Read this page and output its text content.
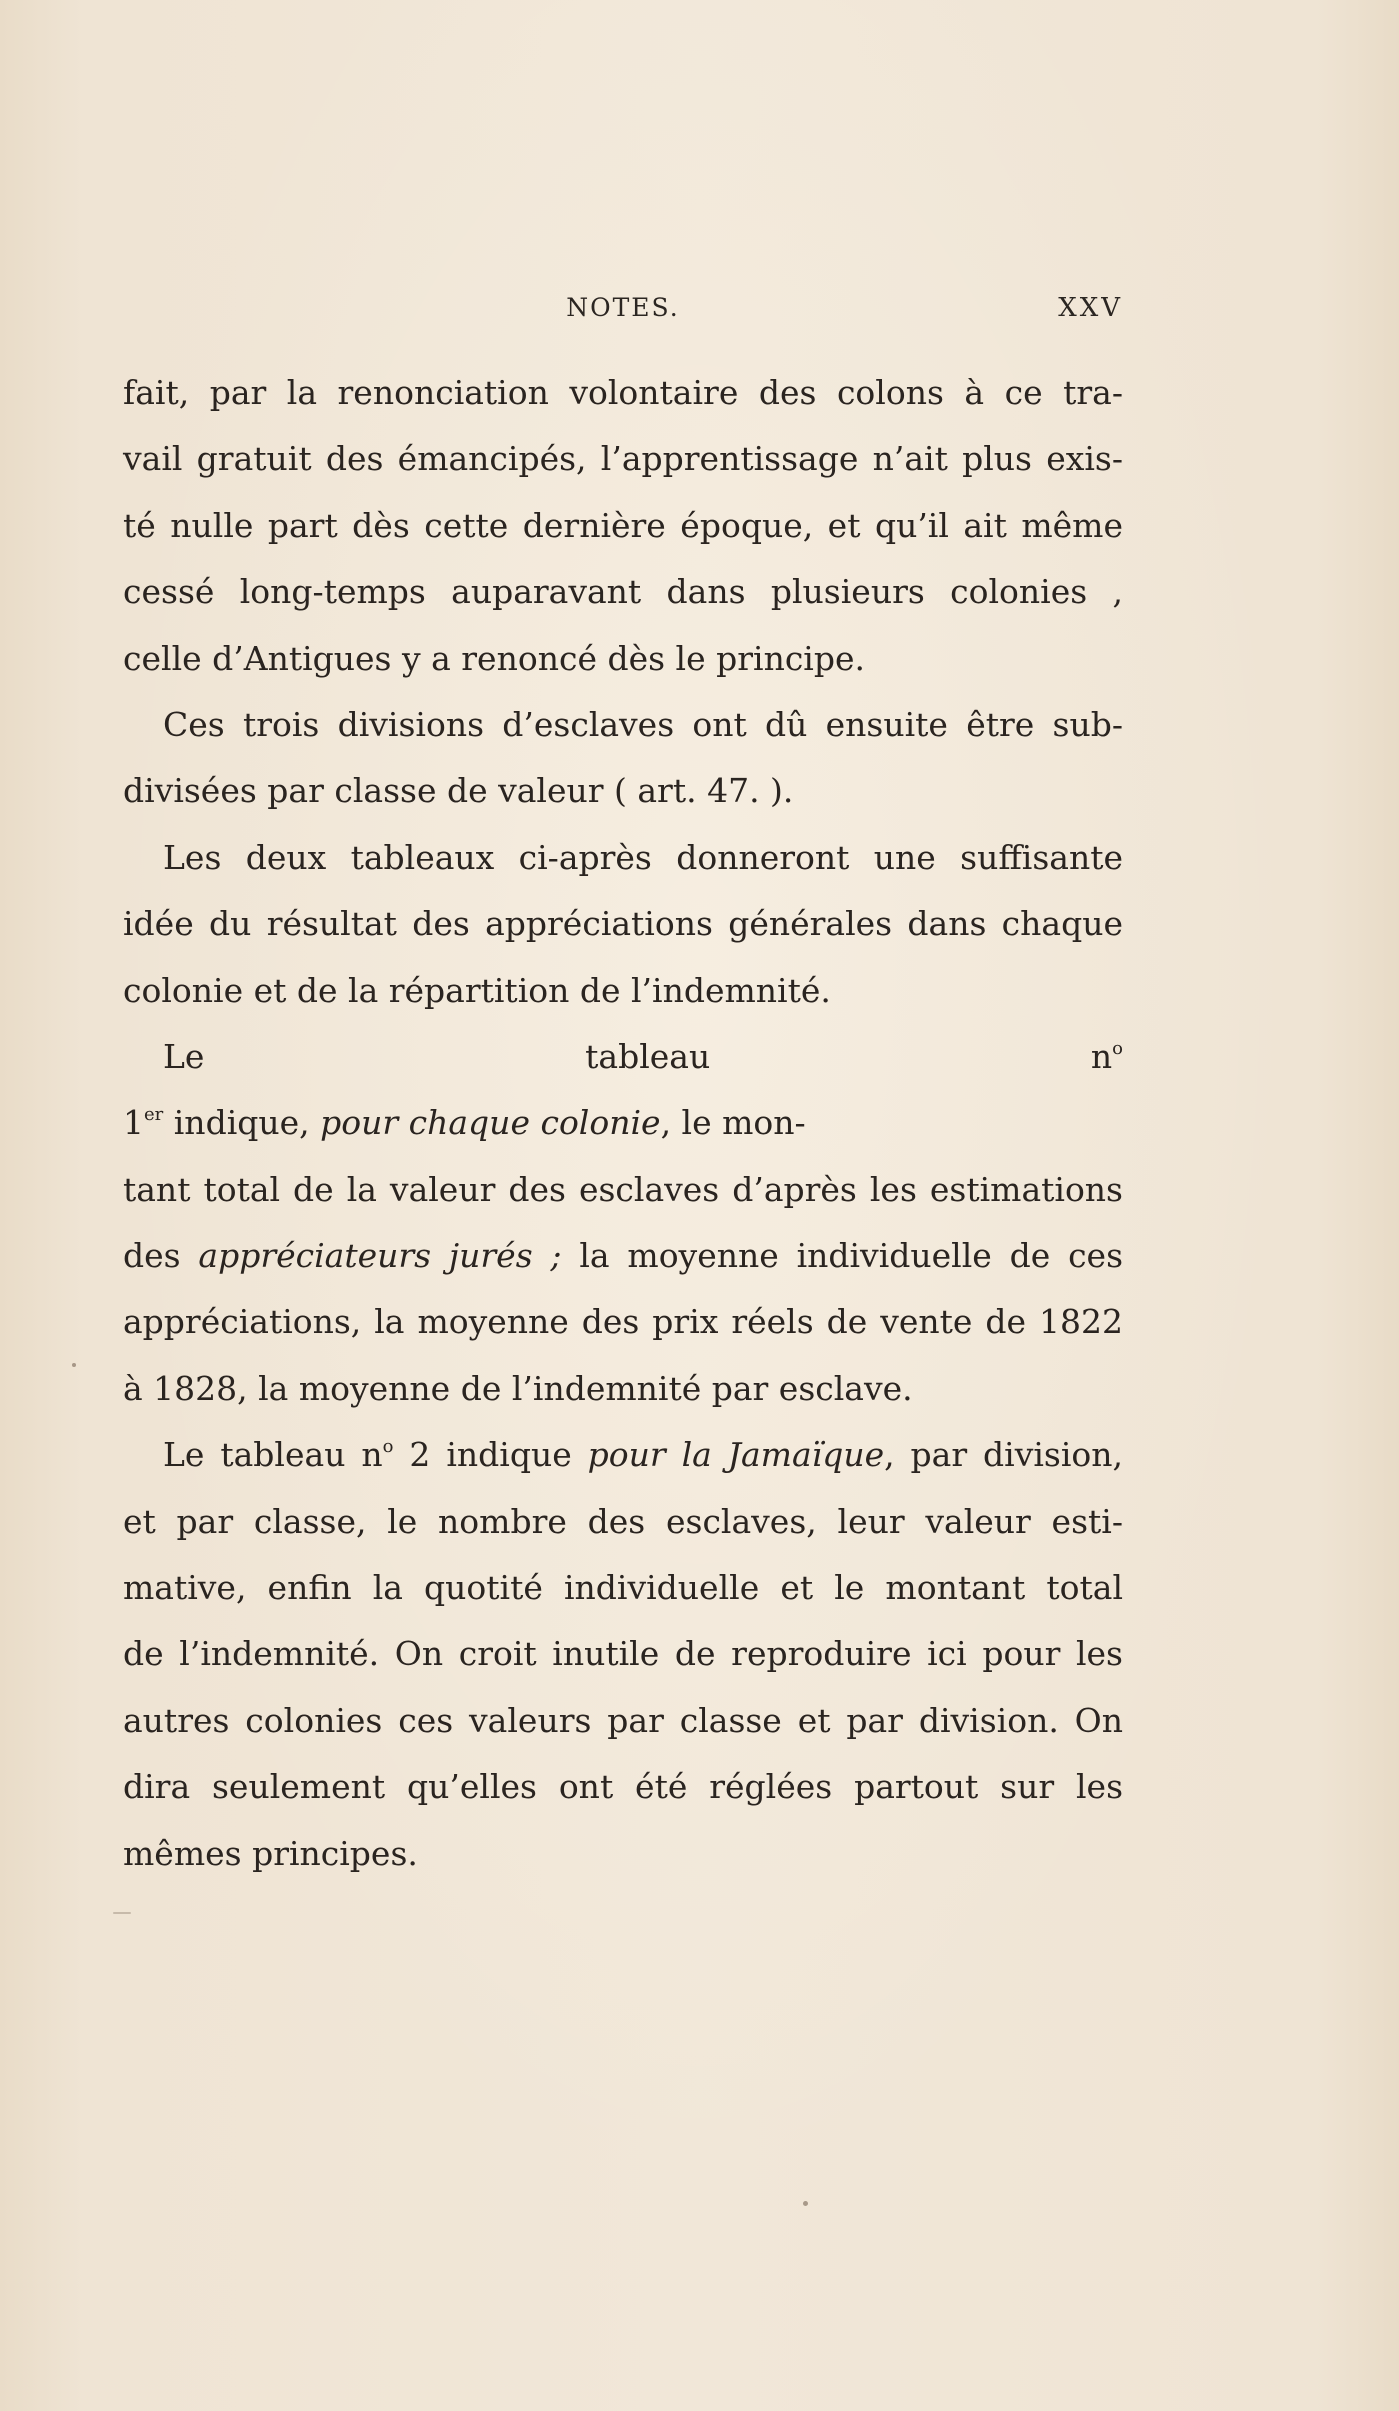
NOTES.	XXV
fait, par la renonciation volontaire des colons à ce tra-
vail gratuit des émancipés, l’apprentissage n’ait plus exis-
té nulle part dès cette dernière époque, et qu’il ait même
cessé long-temps auparavant dans plusieurs colonies ,
celle d’Antigues y a renoncé dès le principe.
Ces trois divisions d’esclaves ont dû ensuite être sub-
divisées par classe de valeur ( art. 47. ).
Les deux tableaux ci-après donneront une suffisante
idée du résultat des appréciations générales dans chaque
colonie et de la répartition de l’indemnité.
Le tableau $n^o$
1er indique, pour chaque colonie, le mon-
tant total de la valeur des esclaves d’après les estimations
des appréciateurs jurés ; la moyenne individuelle de ces
appréciations, la moyenne des prix réels de vente de 1822
à 1828, la moyenne de l’indemnité par esclave.
Le tableau $n^o$ 2 indique pour la Jamaïque, par division,
et par classe, le nombre des esclaves, leur valeur esti-
mative, enfin la quotité individuelle et le montant total
de l’indemnité. On croit inutile de reproduire ici pour les
autres colonies ces valeurs par classe et par division. On
dira seulement qu’elles ont été réglées partout sur les
mêmes principes.
